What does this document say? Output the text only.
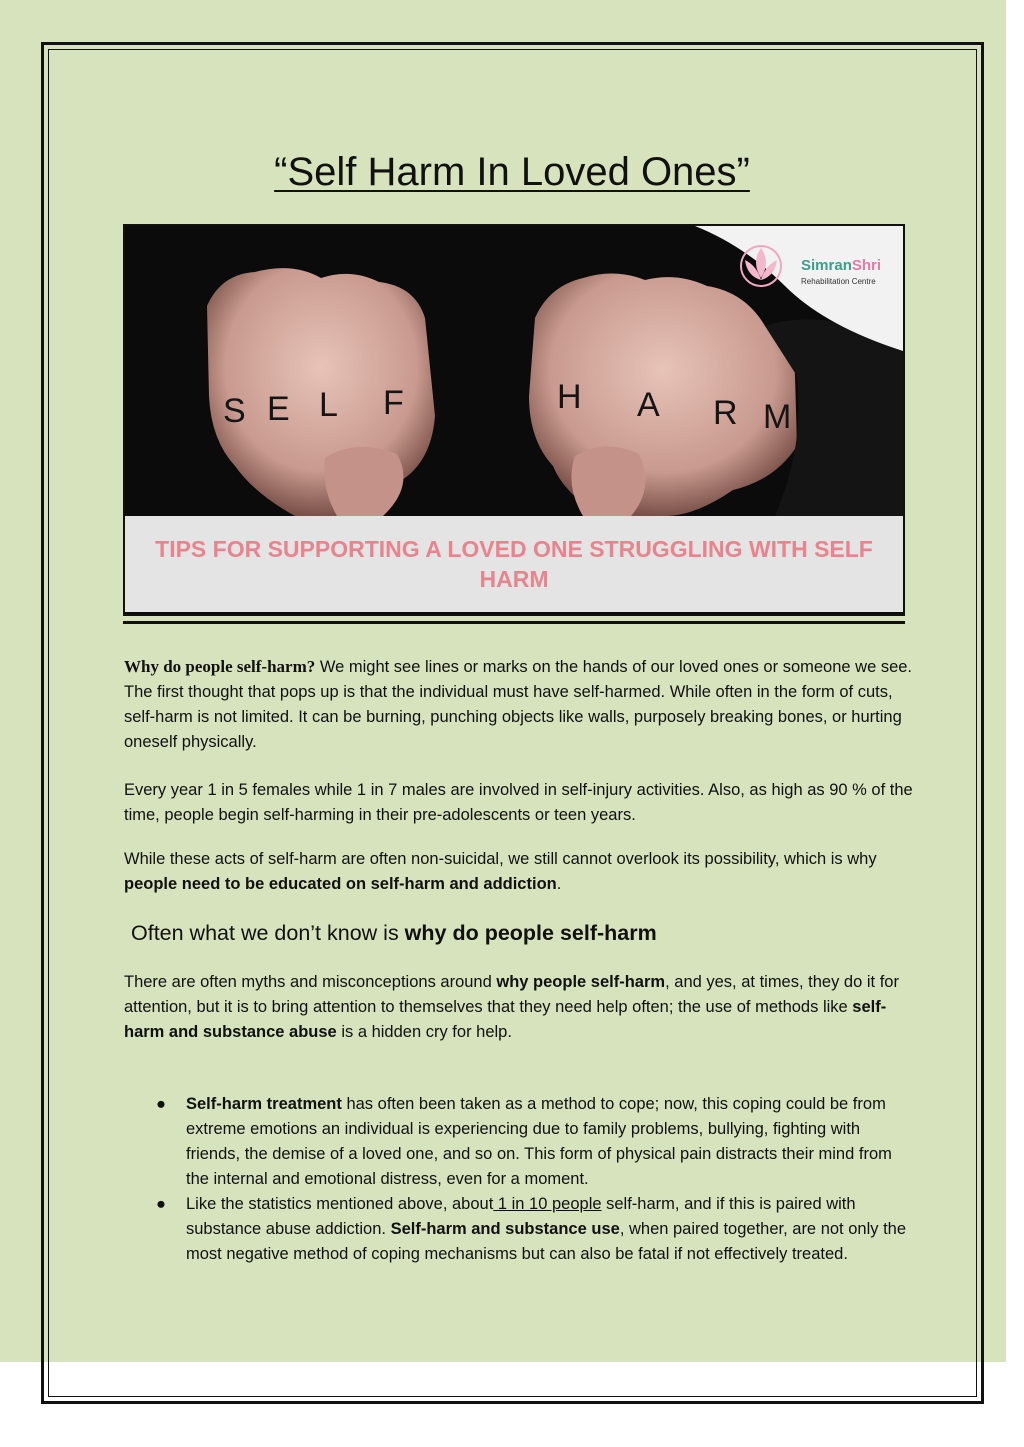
“Self Harm In Loved Ones”
S E L F	H A R M
SimranShri
Rehabilitation Centre
TIPS FOR SUPPORTING A LOVED ONE STRUGGLING WITH SELF HARM
Why do people self-harm? We might see lines or marks on the hands of our loved ones or someone we see. The first thought that pops up is that the individual must have self-harmed. While often in the form of cuts, self-harm is not limited. It can be burning, punching objects like walls, purposely breaking bones, or hurting oneself physically.
Every year 1 in 5 females while 1 in 7 males are involved in self-injury activities. Also, as high as 90 % of the time, people begin self-harming in their pre-adolescents or teen years.
While these acts of self-harm are often non-suicidal, we still cannot overlook its possibility, which is why people need to be educated on self-harm and addiction.
Often what we don’t know is why do people self-harm
There are often myths and misconceptions around why people self-harm, and yes, at times, they do it for attention, but it is to bring attention to themselves that they need help often; the use of methods like self-harm and substance abuse is a hidden cry for help.
● Self-harm treatment has often been taken as a method to cope; now, this coping could be from extreme emotions an individual is experiencing due to family problems, bullying, fighting with friends, the demise of a loved one, and so on. This form of physical pain distracts their mind from the internal and emotional distress, even for a moment.
● Like the statistics mentioned above, about 1 in 10 people self-harm, and if this is paired with substance abuse addiction. Self-harm and substance use, when paired together, are not only the most negative method of coping mechanisms but can also be fatal if not effectively treated.
